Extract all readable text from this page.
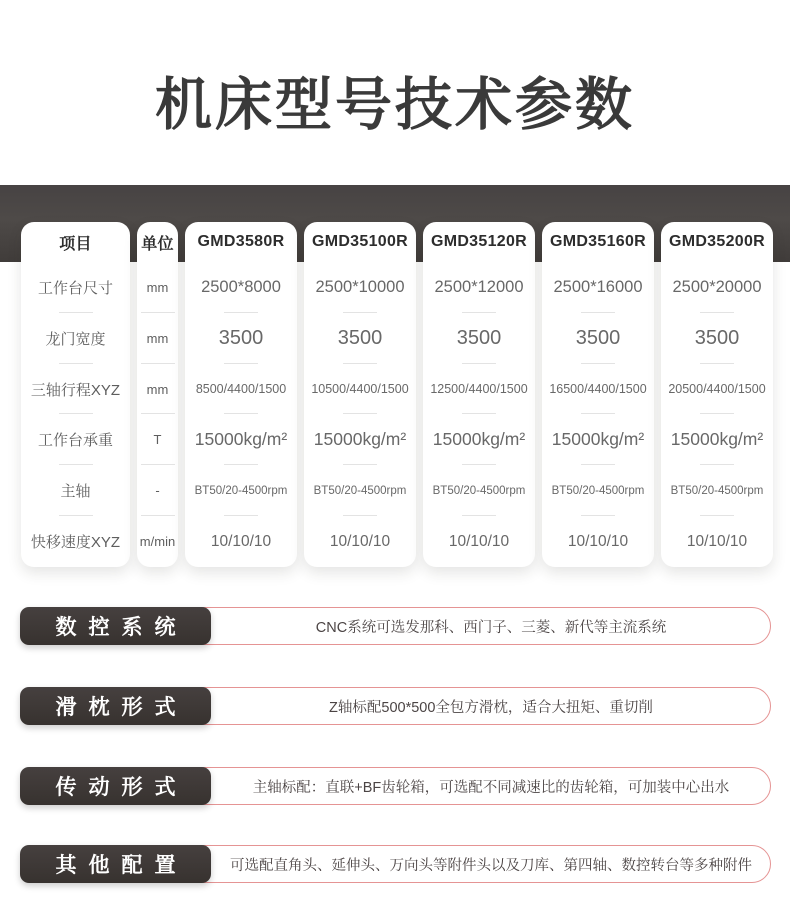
机床型号技术参数
项目
工作台尺寸
龙门宽度
三轴行程XYZ
工作台承重
主轴
快移速度XYZ
单位
mm
mm
mm
T
-
m/min
GMD3580R
2500*8000
3500
8500/4400/1500
15000kg/m²
BT50/20-4500rpm
10/10/10
GMD35100R
2500*10000
3500
10500/4400/1500
15000kg/m²
BT50/20-4500rpm
10/10/10
GMD35120R
2500*12000
3500
12500/4400/1500
15000kg/m²
BT50/20-4500rpm
10/10/10
GMD35160R
2500*16000
3500
16500/4400/1500
15000kg/m²
BT50/20-4500rpm
10/10/10
GMD35200R
2500*20000
3500
20500/4400/1500
15000kg/m²
BT50/20-4500rpm
10/10/10
CNC系统可选发那科、西门子、三菱、新代等主流系统
数控系统
Z轴标配500*500全包方滑枕，适合大扭矩、重切削
滑枕形式
主轴标配：直联+BF齿轮箱，可选配不同减速比的齿轮箱，可加装中心出水
传动形式
可选配直角头、延伸头、万向头等附件头以及刀库、第四轴、数控转台等多种附件
其他配置
